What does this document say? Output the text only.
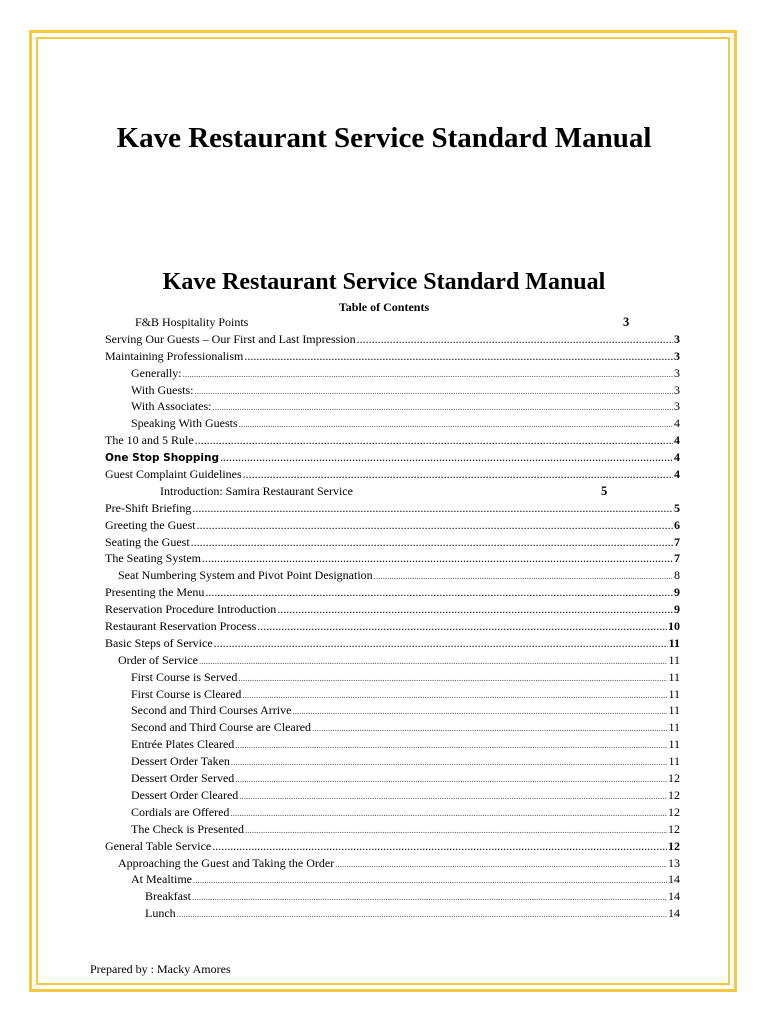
Kave Restaurant Service Standard Manual
Kave Restaurant Service Standard Manual
Table of Contents
F&B Hospitality Points	3
Serving Our Guests – Our First and Last Impression .....	3
Maintaining Professionalism .....	3
Generally: .....	3
With Guests: .....	3
With Associates: .....	3
Speaking With Guests .....	4
The 10 and 5 Rule .....	4
One Stop Shopping .....	4
Guest Complaint Guidelines .....	4
Introduction: Samira Restaurant Service	5
Pre-Shift Briefing .....	5
Greeting the Guest .....	6
Seating the Guest .....	7
The Seating System .....	7
Seat Numbering System and Pivot Point Designation .....	8
Presenting the Menu .....	9
Reservation Procedure Introduction .....	9
Restaurant Reservation Process .....	10
Basic Steps of Service .....	11
Order of Service .....	11
First Course is Served .....	11
First Course is Cleared .....	11
Second and Third Courses Arrive .....	11
Second and Third Course are Cleared .....	11
Entrée Plates Cleared .....	11
Dessert Order Taken .....	11
Dessert Order Served .....	12
Dessert Order Cleared .....	12
Cordials are Offered .....	12
The Check is Presented .....	12
General Table Service .....	12
Approaching the Guest and Taking the Order .....	13
At Mealtime .....	14
Breakfast .....	14
Lunch .....	14
Prepared by : Macky Amores
